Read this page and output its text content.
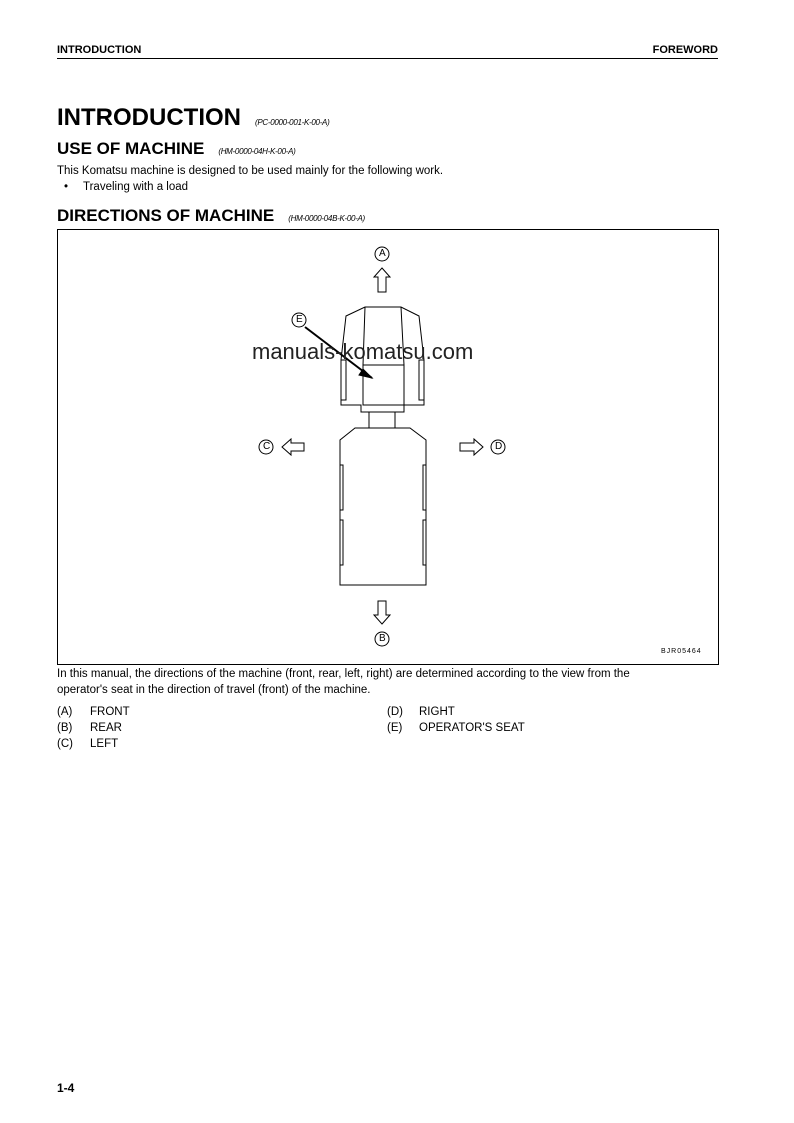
INTRODUCTION	FOREWORD
INTRODUCTION (PC-0000-001-K-00-A)
USE OF MACHINE (HM-0000-04H-K-00-A)
This Komatsu machine is designed to be used mainly for the following work.
• Traveling with a load
DIRECTIONS OF MACHINE (HM-0000-04B-K-00-A)
A
B
C	D
E
manuals-komatsu.com
BJR05464
In this manual, the directions of the machine (front, rear, left, right) are determined according to the view from the
operator's seat in the direction of travel (front) of the machine.
(A) FRONT
(B) REAR
(C) LEFT
(D) RIGHT
(E) OPERATOR'S SEAT
1-4
